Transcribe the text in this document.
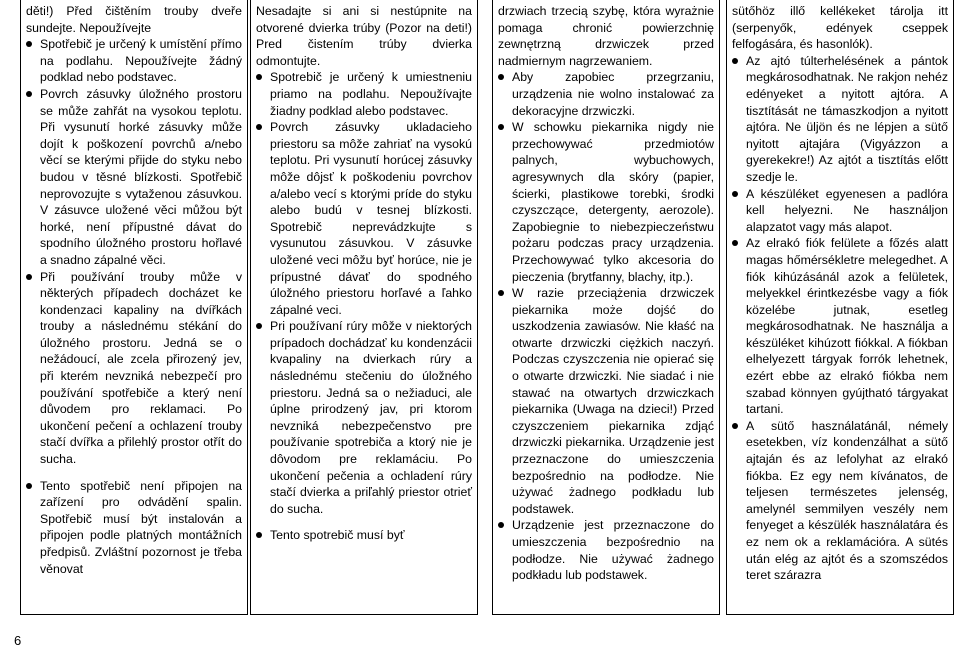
děti!) Před čištěním trouby dveře sundejte. Nepoužívejte

Spotřebič je určený k umístění přímo na podlahu. Nepoužívejte žádný podklad nebo podstavec.

Povrch zásuvky úložného prostoru se může zahřát na vysokou teplotu. Při vysunutí horké zásuvky může dojít k poškození povrchů a/nebo věcí se kterými přijde do styku nebo budou v těsné blízkosti. Spotřebič neprovozujte s vytaženou zásuvkou. V zásuvce uložené věci můžou být horké, není přípustné dávat do spodního úložného prostoru hořlavé a snadno zápalné věci.

Při používání trouby může v některých případech docházet ke kondenzaci kapaliny na dvířkách trouby a následnému stékání do úložného prostoru. Jedná se o nežádoucí, ale zcela přirozený jev, při kterém nevzniká nebezpečí pro používání spotřebiče a který není důvodem pro reklamaci. Po ukončení pečení a ochlazení trouby stačí dvířka a přilehlý prostor otřít do sucha.

Tento spotřebič není připojen na zařízení pro odvádění spalin. Spotřebič musí být instalován a připojen podle platných montážních předpisů. Zvláštní pozornost je třeba věnovat

Nesadajte si ani si nestúpnite na otvorené dvierka trúby (Pozor na deti!) Pred čistením trúby dvierka odmontujte.

Spotrebič je určený k umiestneniu priamo na podlahu. Nepoužívajte žiadny podklad alebo podstavec.

Povrch zásuvky ukladacieho priestoru sa môže zahriať na vysokú teplotu. Pri vysunutí horúcej zásuvky môže dôjsť k poškodeniu povrchov a/alebo vecí s ktorými príde do styku alebo budú v tesnej blízkosti. Spotrebič neprevádzkujte s vysunutou zásuvkou. V zásuvke uložené veci môžu byť horúce, nie je prípustné dávať do spodného úložného priestoru horľavé a ľahko zápalné veci.

Pri používaní rúry môže v niektorých prípadoch dochádzať ku kondenzácii kvapaliny na dvierkach rúry a následnému stečeniu do úložného priestoru. Jedná sa o nežiaduci, ale úplne prirodzený jav, pri ktorom nevzniká nebezpečenstvo pre používanie spotrebiča a ktorý nie je dôvodom pre reklamáciu. Po ukončení pečenia a ochladení rúry stačí dvierka a priľahlý priestor otrieť do sucha.

Tento spotrebič musí byť

drzwiach trzecią szybę, która wyrażnie pomaga chronić powierzchnię zewnętrzną drzwiczek przed nadmiernym nagrzewaniem.

Aby zapobiec przegrzaniu, urządzenia nie wolno instalować za dekoracyjne drzwiczki.

W schowku piekarnika nigdy nie przechowywać przedmiotów palnych, wybuchowych, agresywnych dla skóry (papier, ścierki, plastikowe torebki, środki czyszczące, detergenty, aerozole). Zapobiegnie to niebezpieczeństwu pożaru podczas pracy urządzenia. Przechowywać tylko akcesoria do pieczenia (brytfanny, blachy, itp.).

W razie przeciążenia drzwiczek piekarnika może dojść do uszkodzenia zawiasów. Nie kłaść na otwarte drzwiczki ciężkich naczyń. Podczas czyszczenia nie opierać się o otwarte drzwiczki. Nie siadać i nie stawać na otwartych drzwiczkach piekarnika (Uwaga na dzieci!) Przed czyszczeniem piekarnika zdjąć drzwiczki piekarnika. Urządzenie jest przeznaczone do umieszczenia bezpośrednio na podłodze. Nie używać żadnego podkładu lub podstawek.

Urządzenie jest przeznaczone do umieszczenia bezpośrednio na podłodze. Nie używać żadnego podkładu lub podstawek.

sütőhöz illő kellékeket tárolja itt (serpenyők, edények cseppek felfogására, és hasonlók).

Az ajtó túlterhelésének a pántok megkárosodhatnak. Ne rakjon nehéz edényeket a nyitott ajtóra. A tisztítását ne támaszkodjon a nyitott ajtóra. Ne üljön és ne lépjen a sütő nyitott ajtajára (Vigyázzon a gyerekekre!) Az ajtót a tisztítás előtt szedje le.

A készüléket egyenesen a padlóra kell helyezni. Ne használjon alapzatot vagy más alapot.

Az elrakó fiók felülete a főzés alatt magas hőmérsékletre melegedhet. A fiók kihúzásánál azok a felületek, melyekkel érintkezésbe vagy a fiók közelébe jutnak, esetleg megkárosodhatnak. Ne használja a készüléket kihúzott fiókkal. A fiókban elhelyezett tárgyak forrók lehetnek, ezért ebbe az elrakó fiókba nem szabad könnyen gyújtható tárgyakat tartani.

A sütő használatánál, némely esetekben, víz kondenzálhat a sütő ajtaján és az lefolyhat az elrakó fiókba. Ez egy nem kívánatos, de teljesen természetes jelenség, amelynél semmilyen veszély nem fenyeget a készülék használatára és ez nem ok a reklamációra. A sütés után elég az ajtót és a szomszédos teret szárazra

6
